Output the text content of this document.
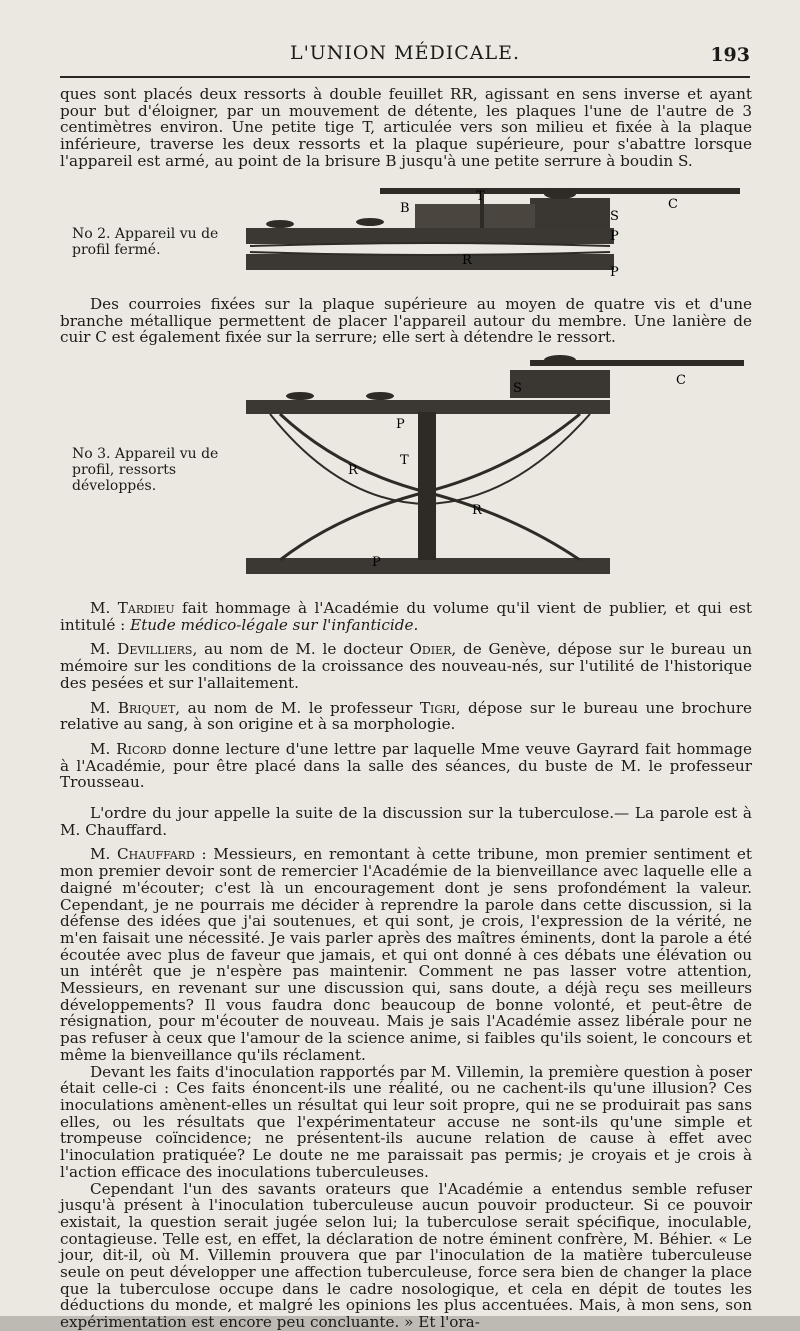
L'UNION MÉDICALE.	193

ques sont placés deux ressorts à double feuillet RR, agissant en sens inverse et ayant pour but d'éloigner, par un mouvement de détente, les plaques l'une de l'autre de 3 centimètres environ. Une petite tige T, articulée vers son milieu et fixée à la plaque inférieure, traverse les deux ressorts et la plaque supérieure, pour s'abattre lorsque l'appareil est armé, au point de la brisure B jusqu'à une petite serrure à boudin S.

No 2. Appareil vu de profil fermé.
B
T
S
C
P
P
R

Des courroies fixées sur la plaque supérieure au moyen de quatre vis et d'une branche métallique permettent de placer l'appareil autour du membre. Une lanière de cuir C est également fixée sur la serrure; elle sert à détendre le ressort.

No 3. Appareil vu de profil, ressorts développés.
S
C
P
T
R
R
P

M. Tardieu fait hommage à l'Académie du volume qu'il vient de publier, et qui est intitulé : Etude médico-légale sur l'infanticide.

M. Devilliers, au nom de M. le docteur Odier, de Genève, dépose sur le bureau un mémoire sur les conditions de la croissance des nouveau-nés, sur l'utilité de l'historique des pesées et sur l'allaitement.

M. Briquet, au nom de M. le professeur Tigri, dépose sur le bureau une brochure relative au sang, à son origine et à sa morphologie.

M. Ricord donne lecture d'une lettre par laquelle Mme veuve Gayrard fait hommage à l'Académie, pour être placé dans la salle des séances, du buste de M. le professeur Trousseau.

L'ordre du jour appelle la suite de la discussion sur la tuberculose.— La parole est à M. Chauffard.

M. Chauffard : Messieurs, en remontant à cette tribune, mon premier sentiment et mon premier devoir sont de remercier l'Académie de la bienveillance avec laquelle elle a daigné m'écouter; c'est là un encouragement dont je sens profondément la valeur. Cependant, je ne pourrais me décider à reprendre la parole dans cette discussion, si la défense des idées que j'ai soutenues, et qui sont, je crois, l'expression de la vérité, ne m'en faisait une nécessité. Je vais parler après des maîtres éminents, dont la parole a été écoutée avec plus de faveur que jamais, et qui ont donné à ces débats une élévation ou un intérêt que je n'espère pas maintenir. Comment ne pas lasser votre attention, Messieurs, en revenant sur une discussion qui, sans doute, a déjà reçu ses meilleurs développements? Il vous faudra donc beaucoup de bonne volonté, et peut-être de résignation, pour m'écouter de nouveau. Mais je sais l'Académie assez libérale pour ne pas refuser à ceux que l'amour de la science anime, si faibles qu'ils soient, le concours et même la bienveillance qu'ils réclament.

Devant les faits d'inoculation rapportés par M. Villemin, la première question à poser était celle-ci : Ces faits énoncent-ils une réalité, ou ne cachent-ils qu'une illusion? Ces inoculations amènent-elles un résultat qui leur soit propre, qui ne se produirait pas sans elles, ou les résultats que l'expérimentateur accuse ne sont-ils qu'une simple et trompeuse coïncidence; ne présentent-ils aucune relation de cause à effet avec l'inoculation pratiquée? Le doute ne me paraissait pas permis; je croyais et je crois à l'action efficace des inoculations tuberculeuses.

Cependant l'un des savants orateurs que l'Académie a entendus semble refuser jusqu'à présent à l'inoculation tuberculeuse aucun pouvoir producteur. Si ce pouvoir existait, la question serait jugée selon lui; la tuberculose serait spécifique, inoculable, contagieuse. Telle est, en effet, la déclaration de notre éminent confrère, M. Béhier. « Le jour, dit-il, où M. Villemin prouvera que par l'inoculation de la matière tuberculeuse seule on peut développer une affection tuberculeuse, force sera bien de changer la place que la tuberculose occupe dans le cadre nosologique, et cela en dépit de toutes les déductions du monde, et malgré les opinions les plus accentuées. Mais, à mon sens, son expérimentation est encore peu concluante. » Et l'ora-
